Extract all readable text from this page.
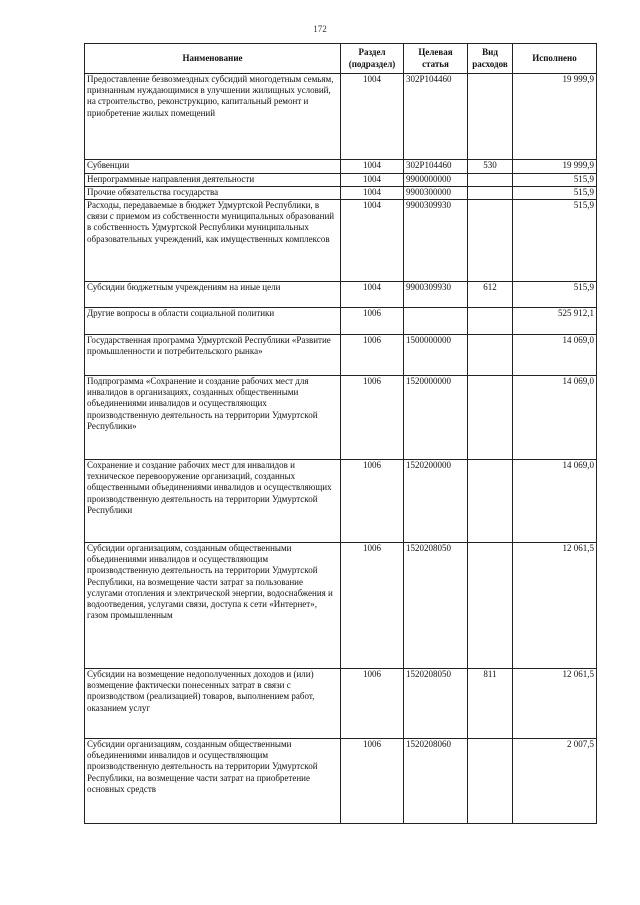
172
Наименование	Раздел (подраздел)	Целевая статья	Вид расходов	Исполнено
Предоставление безвозмездных субсидий многодетным семьям, признанным нуждающимися в улучшении жилищных условий, на строительство, реконструкцию, капитальный ремонт и приобретение жилых помещений	1004	302Р104460		19 999,9
Субвенции	1004	302Р104460	530	19 999,9
Непрограммные направления деятельности	1004	9900000000		515,9
Прочие обязательства государства	1004	9900300000		515,9
Расходы, передаваемые в бюджет Удмуртской Республики, в связи с приемом из собственности муниципальных образований в собственность Удмуртской Республики муниципальных образовательных учреждений, как имущественных комплексов	1004	9900309930		515,9
Субсидии бюджетным учреждениям на иные цели	1004	9900309930	612	515,9
Другие вопросы в области социальной политики	1006			525 912,1
Государственная программа Удмуртской Республики «Развитие промышленности и потребительского рынка»	1006	1500000000		14 069,0
Подпрограмма «Сохранение и создание рабочих мест для инвалидов в организациях, созданных общественными объединениями инвалидов и осуществляющих производственную деятельность на территории Удмуртской Республики»	1006	1520000000		14 069,0
Сохранение и создание рабочих мест для инвалидов и техническое перевооружение организаций, созданных общественными объединениями инвалидов и осуществляющих производственную деятельность на территории Удмуртской Республики	1006	1520200000		14 069,0
Субсидии организациям, созданным общественными объединениями инвалидов и осуществляющим производственную деятельность на территории Удмуртской Республики, на возмещение части затрат за пользование услугами отопления и электрической энергии, водоснабжения и водоотведения, услугами связи, доступа к сети «Интернет», газом промышленным	1006	1520208050		12 061,5
Субсидии на возмещение недополученных доходов и (или) возмещение фактически понесенных затрат в связи с производством (реализацией) товаров, выполнением работ, оказанием услуг	1006	1520208050	811	12 061,5
Субсидии организациям, созданным общественными объединениями инвалидов и осуществляющим производственную деятельность на территории Удмуртской Республики, на возмещение части затрат на приобретение основных средств	1006	1520208060		2 007,5
